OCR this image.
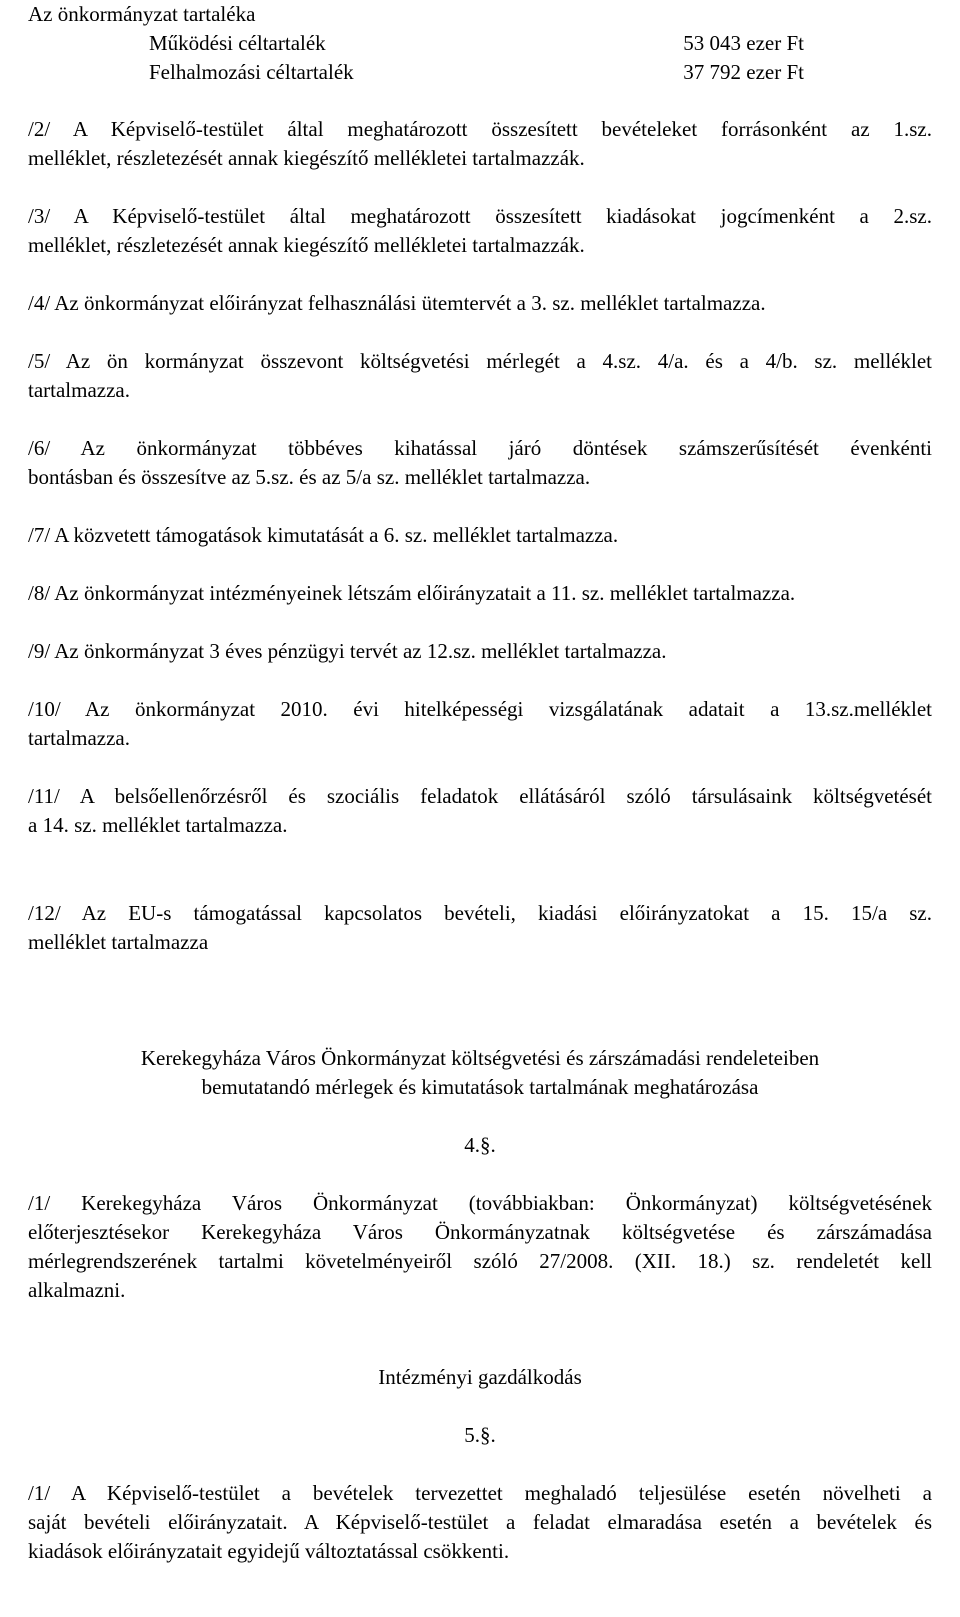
Az önkormányzat tartaléka
Működési céltartalék	53 043 ezer Ft
Felhalmozási céltartalék	37 792 ezer Ft
/2/ A Képviselő-testület által meghatározott összesített bevételeket forrásonként az 1.sz.
melléklet, részletezését annak kiegészítő mellékletei tartalmazzák.
/3/ A Képviselő-testület által meghatározott összesített kiadásokat jogcímenként a 2.sz.
melléklet, részletezését annak kiegészítő mellékletei tartalmazzák.
/4/ Az önkormányzat előirányzat felhasználási ütemtervét a 3. sz. melléklet tartalmazza.
/5/ Az ön kormányzat összevont költségvetési mérlegét a 4.sz. 4/a. és a 4/b. sz. melléklet
tartalmazza.
/6/ Az önkormányzat többéves kihatással járó döntések számszerűsítését évenkénti
bontásban és összesítve az 5.sz. és az 5/a sz. melléklet tartalmazza.
/7/ A közvetett támogatások kimutatását a 6. sz. melléklet tartalmazza.
/8/ Az önkormányzat intézményeinek létszám előirányzatait a 11. sz. melléklet tartalmazza.
/9/ Az önkormányzat 3 éves pénzügyi tervét az 12.sz. melléklet tartalmazza.
/10/ Az önkormányzat 2010. évi hitelképességi vizsgálatának adatait a 13.sz.melléklet
tartalmazza.
/11/ A belsőellenőrzésről és szociális feladatok ellátásáról szóló társulásaink költségvetését
a 14. sz. melléklet tartalmazza.
/12/ Az EU-s támogatással kapcsolatos bevételi, kiadási előirányzatokat a 15. 15/a sz.
melléklet tartalmazza
Kerekegyháza Város Önkormányzat költségvetési és zárszámadási rendeleteiben
bemutatandó mérlegek és kimutatások tartalmának meghatározása
4.§.
/1/ Kerekegyháza Város Önkormányzat (továbbiakban: Önkormányzat) költségvetésének
előterjesztésekor Kerekegyháza Város Önkormányzatnak költségvetése és zárszámadása
mérlegrendszerének tartalmi követelményeiről szóló 27/2008. (XII. 18.) sz. rendeletét kell
alkalmazni.
Intézményi gazdálkodás
5.§.
/1/ A Képviselő-testület a bevételek tervezettet meghaladó teljesülése esetén növelheti a
saját bevételi előirányzatait. A Képviselő-testület a feladat elmaradása esetén a bevételek és
kiadások előirányzatait egyidejű változtatással csökkenti.
